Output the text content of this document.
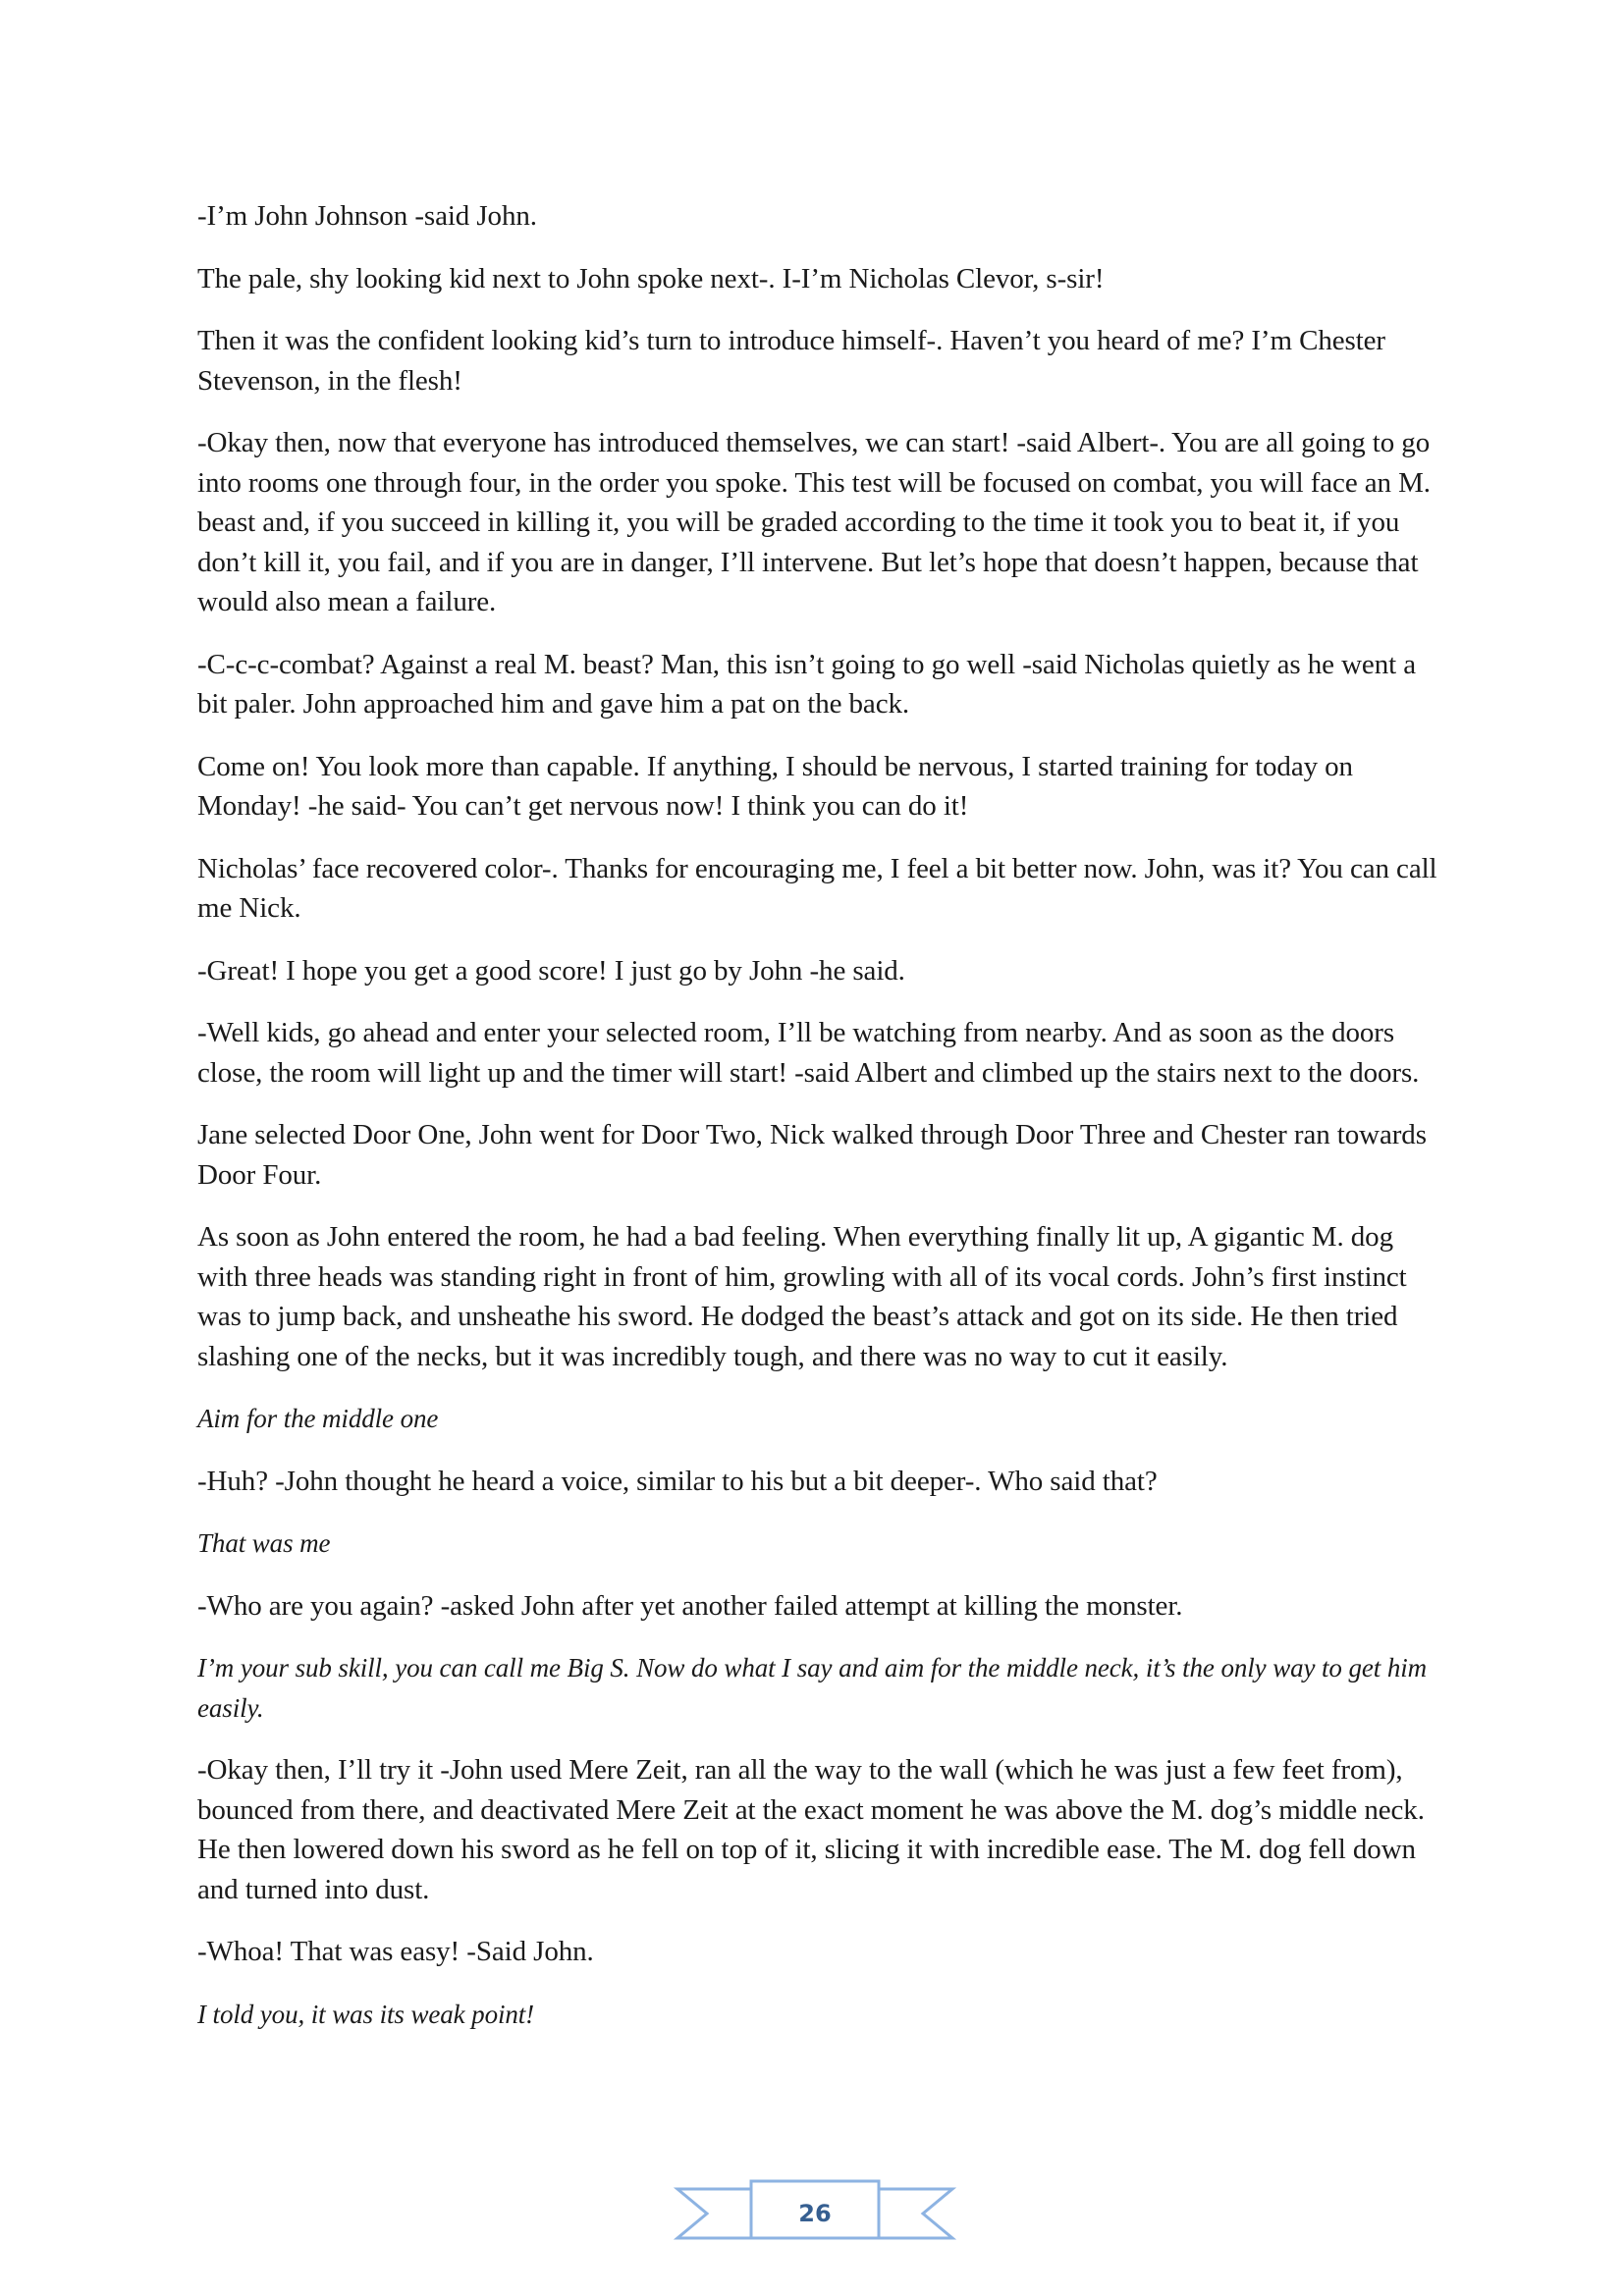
-I’m John Johnson -said John.

The pale, shy looking kid next to John spoke next-. I-I’m Nicholas Clevor, s-sir!

Then it was the confident looking kid’s turn to introduce himself-. Haven’t you heard of me? I’m Chester Stevenson, in the flesh!

-Okay then, now that everyone has introduced themselves, we can start! -said Albert-. You are all going to go into rooms one through four, in the order you spoke. This test will be focused on combat, you will face an M. beast and, if you succeed in killing it, you will be graded according to the time it took you to beat it, if you don’t kill it, you fail, and if you are in danger, I’ll intervene. But let’s hope that doesn’t happen, because that would also mean a failure.

-C-c-c-combat? Against a real M. beast? Man, this isn’t going to go well -said Nicholas quietly as he went a bit paler. John approached him and gave him a pat on the back.

Come on! You look more than capable. If anything, I should be nervous, I started training for today on Monday! -he said- You can’t get nervous now! I think you can do it!

Nicholas’ face recovered color-. Thanks for encouraging me, I feel a bit better now. John, was it? You can call me Nick.

-Great! I hope you get a good score! I just go by John -he said.

-Well kids, go ahead and enter your selected room, I’ll be watching from nearby. And as soon as the doors close, the room will light up and the timer will start! -said Albert and climbed up the stairs next to the doors.

Jane selected Door One, John went for Door Two, Nick walked through Door Three and Chester ran towards Door Four.

As soon as John entered the room, he had a bad feeling. When everything finally lit up, A gigantic M. dog with three heads was standing right in front of him, growling with all of its vocal cords. John’s first instinct was to jump back, and unsheathe his sword. He dodged the beast’s attack and got on its side. He then tried slashing one of the necks, but it was incredibly tough, and there was no way to cut it easily.

Aim for the middle one

-Huh? -John thought he heard a voice, similar to his but a bit deeper-. Who said that?

That was me

-Who are you again? -asked John after yet another failed attempt at killing the monster.

I’m your sub skill, you can call me Big S. Now do what I say and aim for the middle neck, it’s the only way to get him easily.

-Okay then, I’ll try it -John used Mere Zeit, ran all the way to the wall (which he was just a few feet from), bounced from there, and deactivated Mere Zeit at the exact moment he was above the M. dog’s middle neck. He then lowered down his sword as he fell on top of it, slicing it with incredible ease. The M. dog fell down and turned into dust.

-Whoa! That was easy! -Said John.

I told you, it was its weak point!

26
